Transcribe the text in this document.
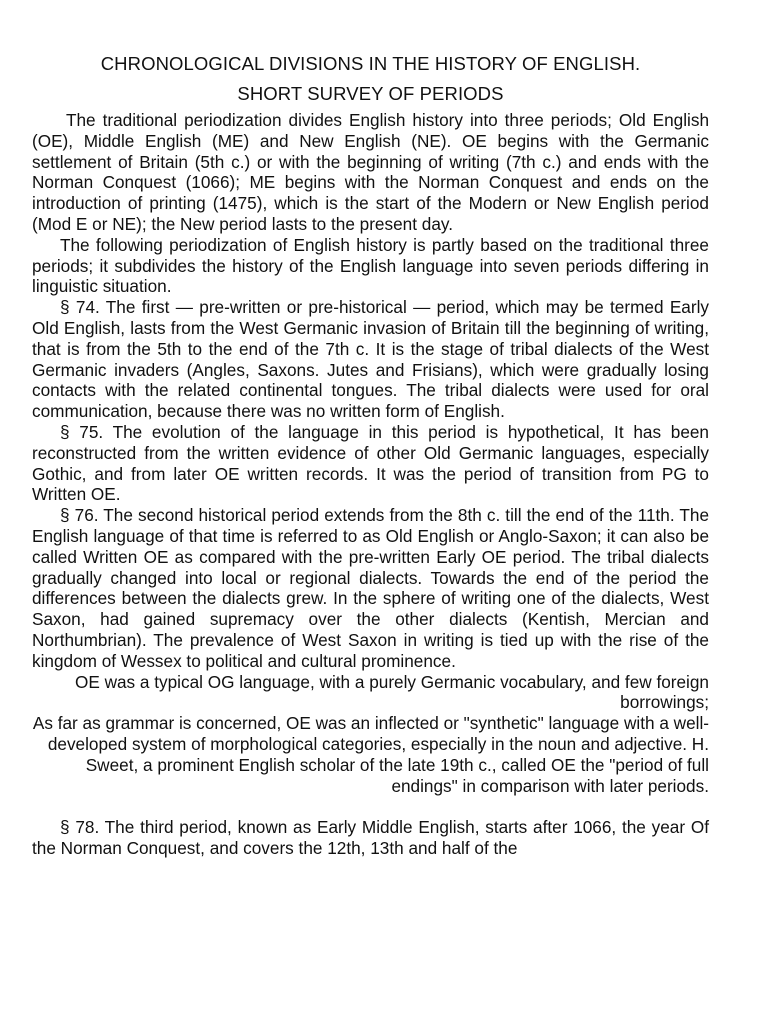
CHRONOLOGICAL DIVISIONS IN THE HISTORY OF ENGLISH.
SHORT SURVEY OF PERIODS

The traditional periodization divides English history into three periods; Old English (OE), Middle English (ME) and New English (NE). OE begins with the Germanic settlement of Britain (5th c.) or with the beginning of writing (7th c.) and ends with the Norman Conquest (1066); ME begins with the Norman Conquest and ends on the introduction of printing (1475), which is the start of the Modern or New English period (Mod E or NE); the New period lasts to the present day.

The following periodization of English history is partly based on the traditional three periods; it subdivides the history of the English language into seven periods differing in linguistic situation.

§ 74. The first — pre-written or pre-historical — period, which may be termed Early Old English, lasts from the West Germanic invasion of Britain till the beginning of writing, that is from the 5th to the end of the 7th c. It is the stage of tribal dialects of the West Germanic invaders (Angles, Saxons. Jutes and Frisians), which were gradually losing contacts with the related continental tongues. The tribal dialects were used for oral communication, because there was no written form of English.

§ 75. The evolution of the language in this period is hypothetical, It has been reconstructed from the written evidence of other Old Germanic languages, especially Gothic, and from later OE written records. It was the period of transition from PG to Written OE.

§ 76. The second historical period extends from the 8th c. till the end of the 11th. The English language of that time is referred to as Old English or Anglo-Saxon; it can also be called Written OE as compared with the pre-written Early OE period. The tribal dialects gradually changed into local or regional dialects. Towards the end of the period the differences between the dialects grew. In the sphere of writing one of the dialects, West Saxon, had gained supremacy over the other dialects (Kentish, Mercian and Northumbrian). The prevalence of West Saxon in writing is tied up with the rise of the kingdom of Wessex to political and cultural prominence.

OE was a typical OG language, with a purely Germanic vocabulary, and few foreign borrowings;

As far as grammar is concerned, OE was an inflected or "synthetic" language with a well-developed system of morphological categories, especially in the noun and adjective. H. Sweet, a prominent English scholar of the late 19th c., called OE the "period of full endings" in comparison with later periods.

§ 78. The third period, known as Early Middle English, starts after 1066, the year Of the Norman Conquest, and covers the 12th, 13th and half of the
